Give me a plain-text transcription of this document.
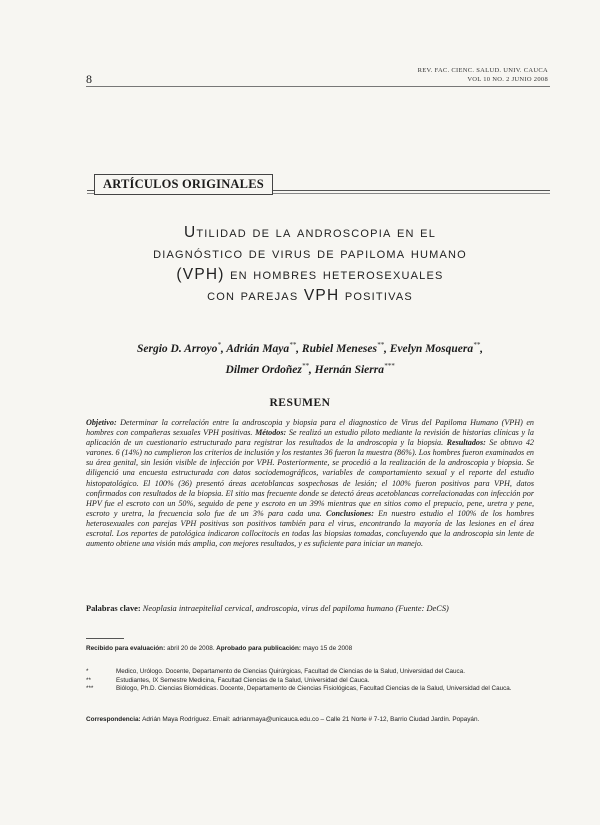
8
REV. FAC. CIENC. SALUD. UNIV. CAUCA
VOL 10 NO. 2 JUNIO 2008
ARTÍCULOS ORIGINALES
Utilidad de la androscopia en el
diagnóstico de virus de papiloma humano
(VPH) en hombres heterosexuales
con parejas VPH positivas
Sergio D. Arroyo*, Adrián Maya**, Rubiel Meneses**, Evelyn Mosquera**,
Dilmer Ordoñez**, Hernán Sierra***
RESUMEN
Objetivo: Determinar la correlación entre la androscopia y biopsia para el diagnostico de Virus del Papiloma Humano (VPH) en hombres con compañeras sexuales VPH positivas. Métodos: Se realizó un estudio piloto mediante la revisión de historias clínicas y la aplicación de un cuestionario estructurado para registrar los resultados de la androscopia y la biopsia. Resultados: Se obtuvo 42 varones. 6 (14%) no cumplieron los criterios de inclusión y los restantes 36 fueron la muestra (86%). Los hombres fueron examinados en su área genital, sin lesión visible de infección por VPH. Posteriormente, se procedió a la realización de la androscopia y biopsia. Se diligenció una encuesta estructurada con datos sociodemográficos, variables de comportamiento sexual y el reporte del estudio histopatológico. El 100% (36) presentó áreas acetoblancas sospechosas de lesión; el 100% fueron positivos para VPH, datos confirmados con resultados de la biopsia. El sitio mas frecuente donde se detectó áreas acetoblancas correlacionadas con infección por HPV fue el escroto con un 50%, seguido de pene y escroto en un 39% mientras que en sitios como el prepucio, pene, uretra y pene, escroto y uretra, la frecuencia solo fue de un 3% para cada una. Conclusiones: En nuestro estudio el 100% de los hombres heterosexuales con parejas VPH positivas son positivos también para el virus, encontrando la mayoría de las lesiones en el área escrotal. Los reportes de patológica indicaron collocitocis en todas las biopsias tomadas, concluyendo que la androscopia sin lente de aumento obtiene una visión más amplia, con mejores resultados, y es suficiente para iniciar un manejo.
Palabras clave: Neoplasia intraepitelial cervical, androscopia, virus del papiloma humano (Fuente: DeCS)
Recibido para evaluación: abril 20 de 2008. Aprobado para publicación: mayo 15 de 2008
*	Medico, Urólogo. Docente, Departamento de Ciencias Quirúrgicas, Facultad de Ciencias de la Salud, Universidad del Cauca.
**	Estudiantes, IX Semestre Medicina, Facultad Ciencias de la Salud, Universidad del Cauca.
***	Biólogo, Ph.D. Ciencias Biomédicas. Docente, Departamento de Ciencias Fisiológicas, Facultad Ciencias de la Salud, Universidad del Cauca.
Correspondencia: Adrián Maya Rodríguez. Email: adrianmaya@unicauca.edu.co – Calle 21 Norte # 7-12, Barrio Ciudad Jardín. Popayán.
